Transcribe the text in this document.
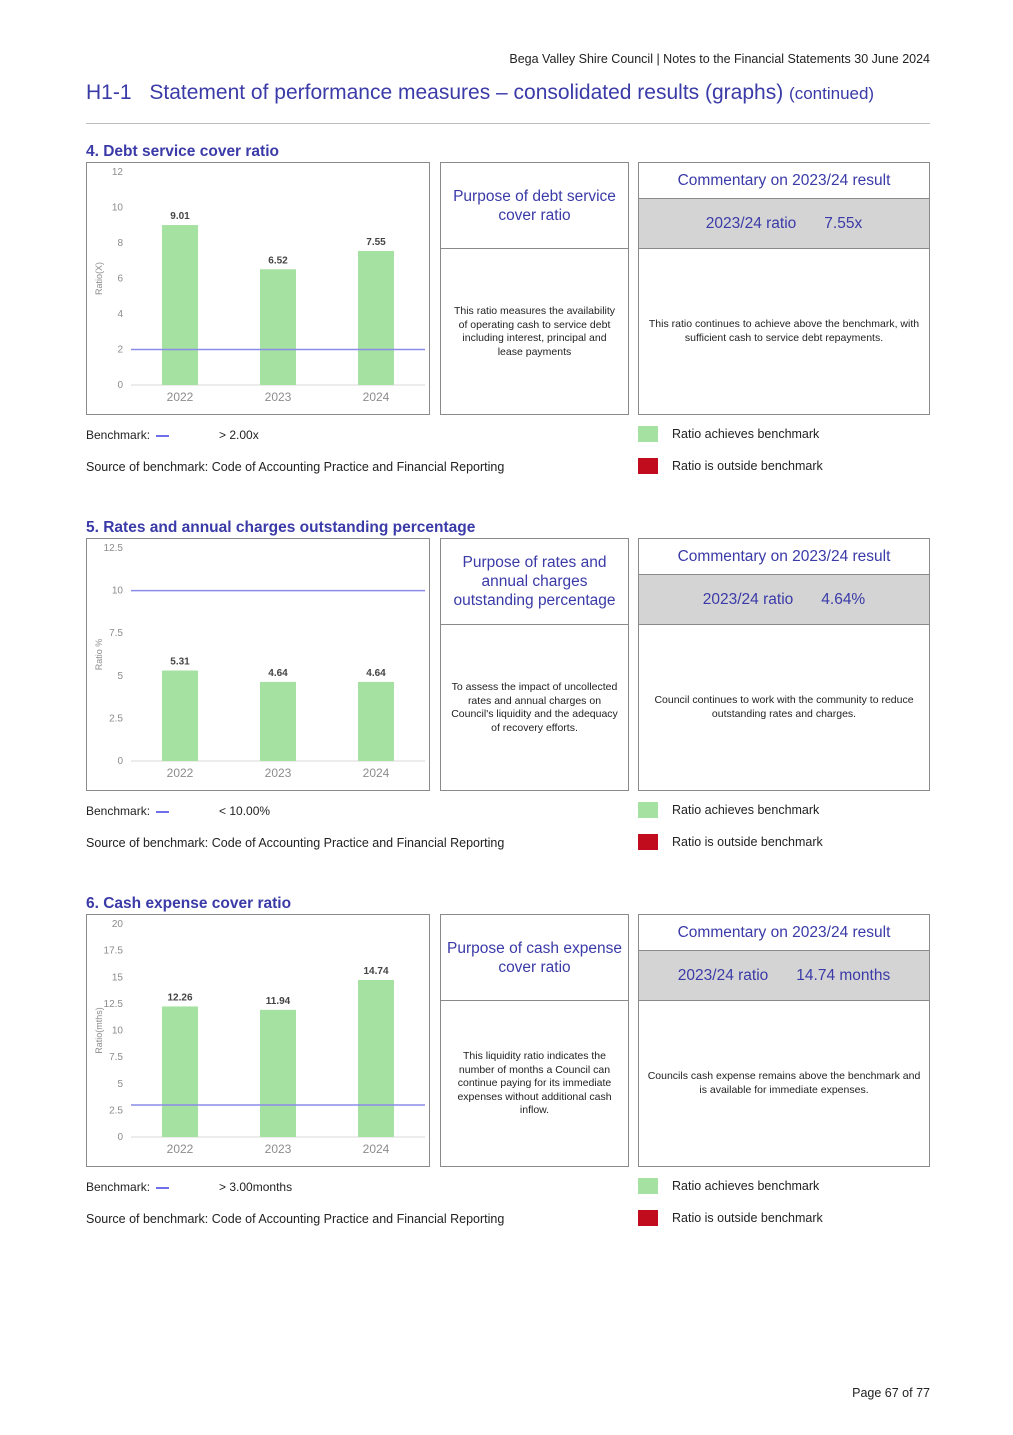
Bega Valley Shire Council | Notes to the Financial Statements 30 June 2024
H1-1 Statement of performance measures – consolidated results (graphs) (continued)
4. Debt service cover ratio
Ratio(X)
0
2
4
6
8
10
12
9.01
2022
6.52
2023
7.55
2024
Purpose of debt service cover ratio
This ratio measures the availability of operating cash to service debt including interest, principal and lease payments
Commentary on 2023/24 result
2023/24 ratio 7.55x
This ratio continues to achieve above the benchmark, with sufficient cash to service debt repayments.
Benchmark:	> 2.00x
Source of benchmark: Code of Accounting Practice and Financial Reporting
Ratio achieves benchmark
Ratio is outside benchmark
5. Rates and annual charges outstanding percentage
Ratio %
0
2.5
5
7.5
10
12.5
5.31
2022
4.64
2023
4.64
2024
Purpose of rates and annual charges outstanding percentage
To assess the impact of uncollected rates and annual charges on Council's liquidity and the adequacy of recovery efforts.
Commentary on 2023/24 result
2023/24 ratio 4.64%
Council continues to work with the community to reduce outstanding rates and charges.
Benchmark:	< 10.00%
Source of benchmark: Code of Accounting Practice and Financial Reporting
Ratio achieves benchmark
Ratio is outside benchmark
6. Cash expense cover ratio
Ratio(mths)
0
2.5
5
7.5
10
12.5
15
17.5
20
12.26
2022
11.94
2023
14.74
2024
Purpose of cash expense cover ratio
This liquidity ratio indicates the number of months a Council can continue paying for its immediate expenses without additional cash inflow.
Commentary on 2023/24 result
2023/24 ratio 14.74 months
Councils cash expense remains above the benchmark and is available for immediate expenses.
Benchmark:	> 3.00months
Source of benchmark: Code of Accounting Practice and Financial Reporting
Ratio achieves benchmark
Ratio is outside benchmark
Page 67 of 77
